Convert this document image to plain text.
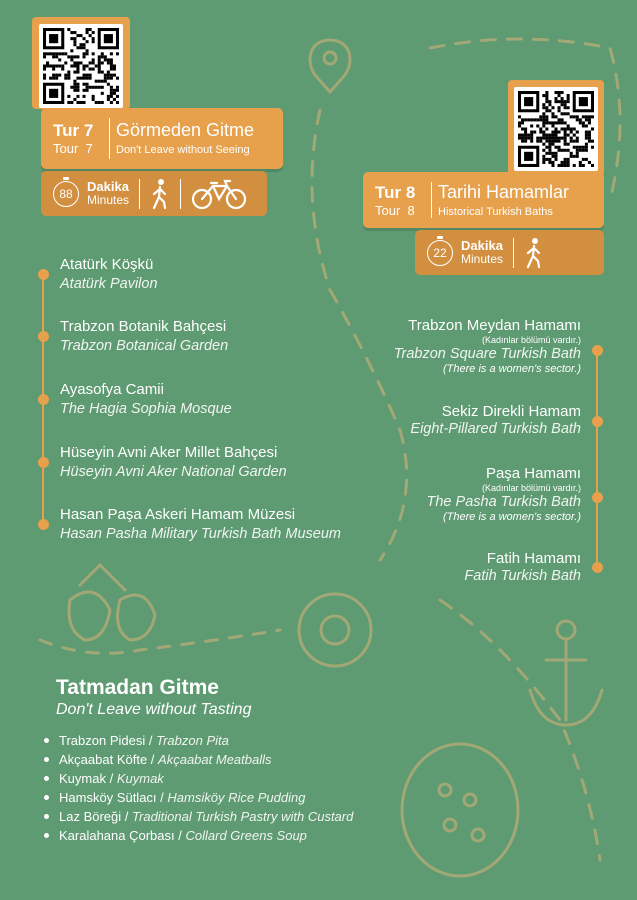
Tur 7
Tour 7
Görmeden Gitme
Don't Leave without Seeing
88 Dakika
Minutes	Tur 8
Tour 8
Tarihi Hamamlar
Historical Turkish Baths
22 Dakika
Minutes
Atatürk Köşkü
Atatürk Pavilon
Trabzon Botanik Bahçesi
Trabzon Botanical Garden
Ayasofya Camii
The Hagia Sophia Mosque
Hüseyin Avni Aker Millet Bahçesi
Hüseyin Avni Aker National Garden
Hasan Paşa Askeri Hamam Müzesi
Hasan Pasha Military Turkish Bath Museum
Trabzon Meydan Hamamı
(Kadınlar bölümü vardır.)
Trabzon Square Turkish Bath
(There is a women's sector.)
Sekiz Direkli Hamam
Eight-Pillared Turkish Bath
Paşa Hamamı
(Kadınlar bölümü vardır.)
The Pasha Turkish Bath
(There is a women's sector.)
Fatih Hamamı
Fatih Turkish Bath
Tatmadan Gitme
Don't Leave without Tasting
Trabzon Pidesi / Trabzon Pita
Akçaabat Köfte / Akçaabat Meatballs
Kuymak / Kuymak
Hamsköy Sütlacı / Hamsiköy Rice Pudding
Laz Böreği / Traditional Turkish Pastry with Custard
Karalahana Çorbası / Collard Greens Soup
